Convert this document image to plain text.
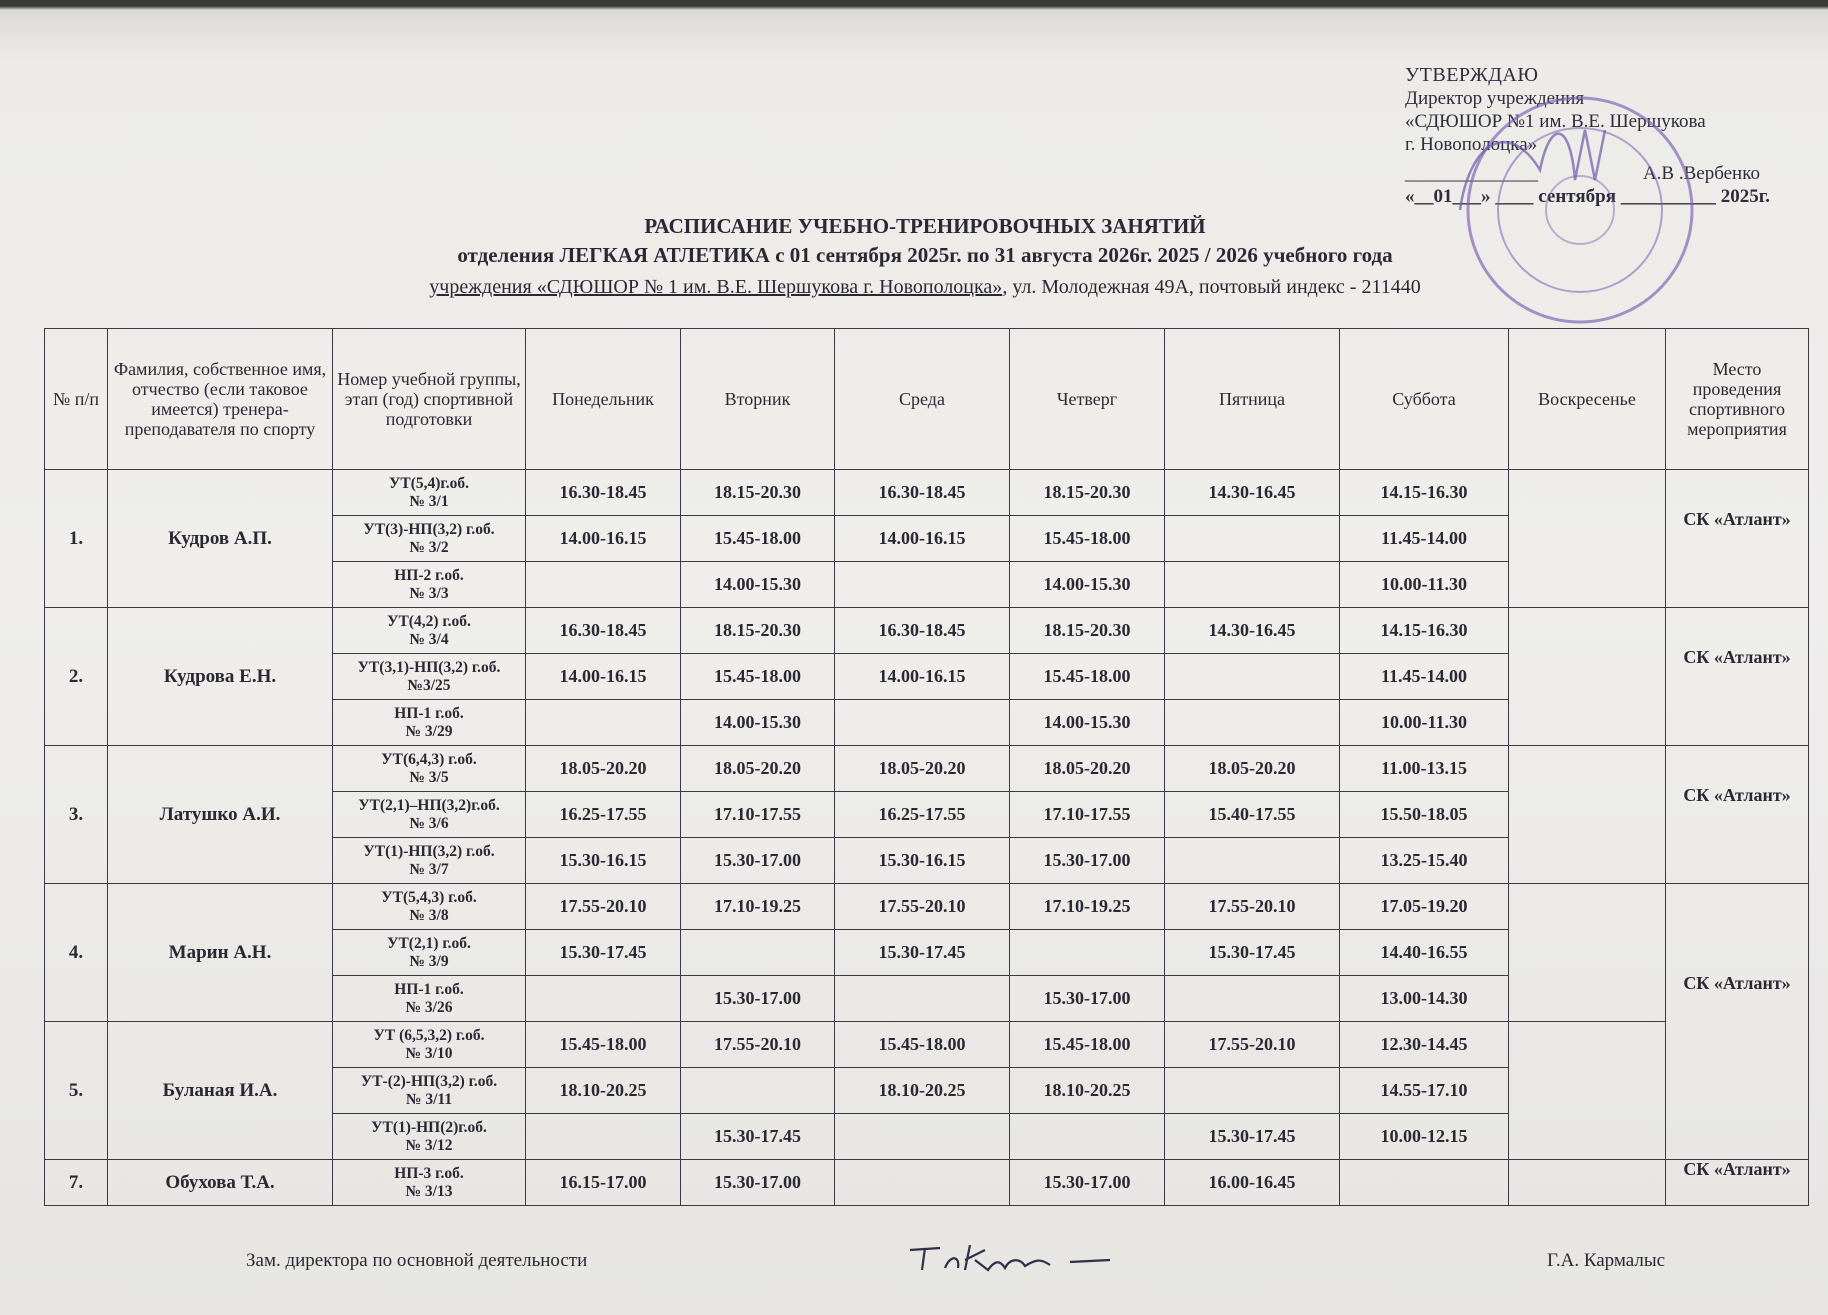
УТВЕРЖДАЮ
Директор учреждения
«СДЮШОР №1 им. В.Е. Шершукова
г. Новополоцка»
______________	А.В .Вербенко
«__01___» ____ сентября __________ 2025г.
РАСПИСАНИЕ УЧЕБНО-ТРЕНИРОВОЧНЫХ ЗАНЯТИЙ
отделения ЛЕГКАЯ АТЛЕТИКА с 01 сентября 2025г. по 31 августа 2026г. 2025 / 2026 учебного года
учреждения «СДЮШОР № 1 им. В.Е. Шершукова г. Новополоцка», ул. Молодежная 49А, почтовый индекс - 211440
№ п/п	Фамилия, собственное имя, отчество (если таковое имеется) тренера-преподавателя по спорту	Номер учебной группы, этап (год) спортивной подготовки	Понедельник	Вторник	Среда	Четверг	Пятница	Суббота	Воскресенье	Место проведения спортивного мероприятия
1.	Кудров А.П.	УТ(5,4)г.об.
№ 3/1	16.30-18.45	18.15-20.30	16.30-18.45	18.15-20.30	14.30-16.45	14.15-16.30		СК «Атлант»

		УТ(3)-НП(3,2) г.об.
№ 3/2	14.00-16.15	15.45-18.00	14.00-16.15	15.45-18.00		11.45-14.00		

		НП-2 г.об.
№ 3/3		14.00-15.30		14.00-15.30		10.00-11.30		
2.	Кудрова Е.Н.	УТ(4,2) г.об.
№ 3/4	16.30-18.45	18.15-20.30	16.30-18.45	18.15-20.30	14.30-16.45	14.15-16.30		СК «Атлант»

		УТ(3,1)-НП(3,2) г.об.
№3/25	14.00-16.15	15.45-18.00	14.00-16.15	15.45-18.00		11.45-14.00		

		НП-1 г.об.
№ 3/29		14.00-15.30		14.00-15.30		10.00-11.30		
3.	Латушко А.И.	УТ(6,4,3) г.об.
№ 3/5	18.05-20.20	18.05-20.20	18.05-20.20	18.05-20.20	18.05-20.20	11.00-13.15		СК «Атлант»

		УТ(2,1)–НП(3,2)г.об.
№ 3/6	16.25-17.55	17.10-17.55	16.25-17.55	17.10-17.55	15.40-17.55	15.50-18.05		

		УТ(1)-НП(3,2) г.об.
№ 3/7	15.30-16.15	15.30-17.00	15.30-16.15	15.30-17.00		13.25-15.40		
4.	Марин А.Н.	УТ(5,4,3) г.об.
№ 3/8	17.55-20.10	17.10-19.25	17.55-20.10	17.10-19.25	17.55-20.10	17.05-19.20		СК «Атлант»

		УТ(2,1) г.об.
№ 3/9	15.30-17.45		15.30-17.45		15.30-17.45	14.40-16.55		

		НП-1 г.об.
№ 3/26		15.30-17.00		15.30-17.00		13.00-14.30		
5.	Буланая И.А.	УТ (6,5,3,2) г.об.
№ 3/10	15.45-18.00	17.55-20.10	15.45-18.00	15.45-18.00	17.55-20.10	12.30-14.45		

		УТ-(2)-НП(3,2) г.об.
№ 3/11	18.10-20.25		18.10-20.25	18.10-20.25		14.55-17.10		

		УТ(1)-НП(2)г.об.
№ 3/12		15.30-17.45			15.30-17.45	10.00-12.15		
7.	Обухова Т.А.	НП-3 г.об.
№ 3/13	16.15-17.00	15.30-17.00		15.30-17.00	16.00-16.45			СК «Атлант»
Зам. директора по основной деятельности	Г.А. Кармалыс
